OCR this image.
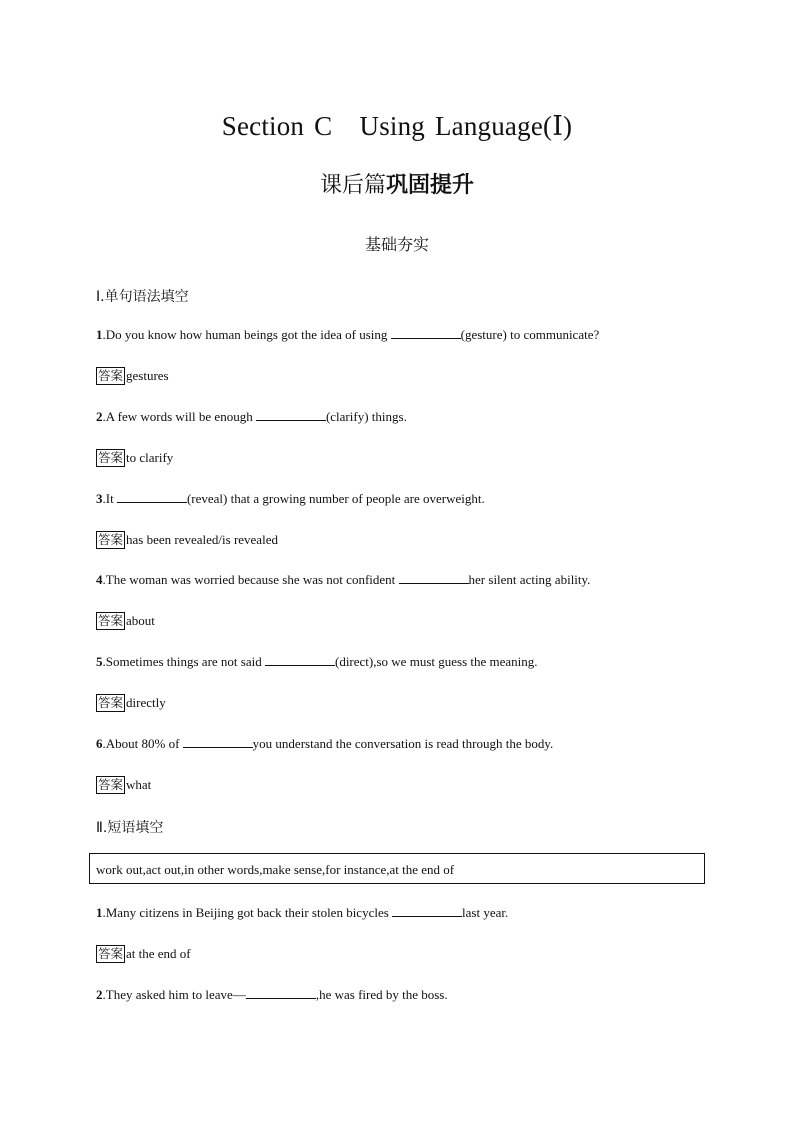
Section C　Using Language(Ⅰ)
课后篇巩固提升
基础夯实
Ⅰ.单句语法填空
1.Do you know how human beings got the idea of using	(gesture) to communicate?
答案 gestures
2.A few words will be enough	(clarify) things.
答案 to clarify
3.It	(reveal) that a growing number of people are overweight.
答案 has been revealed/is revealed
4.The woman was worried because she was not confident	her silent acting ability.
答案 about
5.Sometimes things are not said	(direct),so we must guess the meaning.
答案 directly
6.About 80% of	you understand the conversation is read through the body.
答案 what
Ⅱ.短语填空
work out,act out,in other words,make sense,for instance,at the end of
1.Many citizens in Beijing got back their stolen bicycles	last year.
答案 at the end of
2.They asked him to leave—	,he was fired by the boss.
